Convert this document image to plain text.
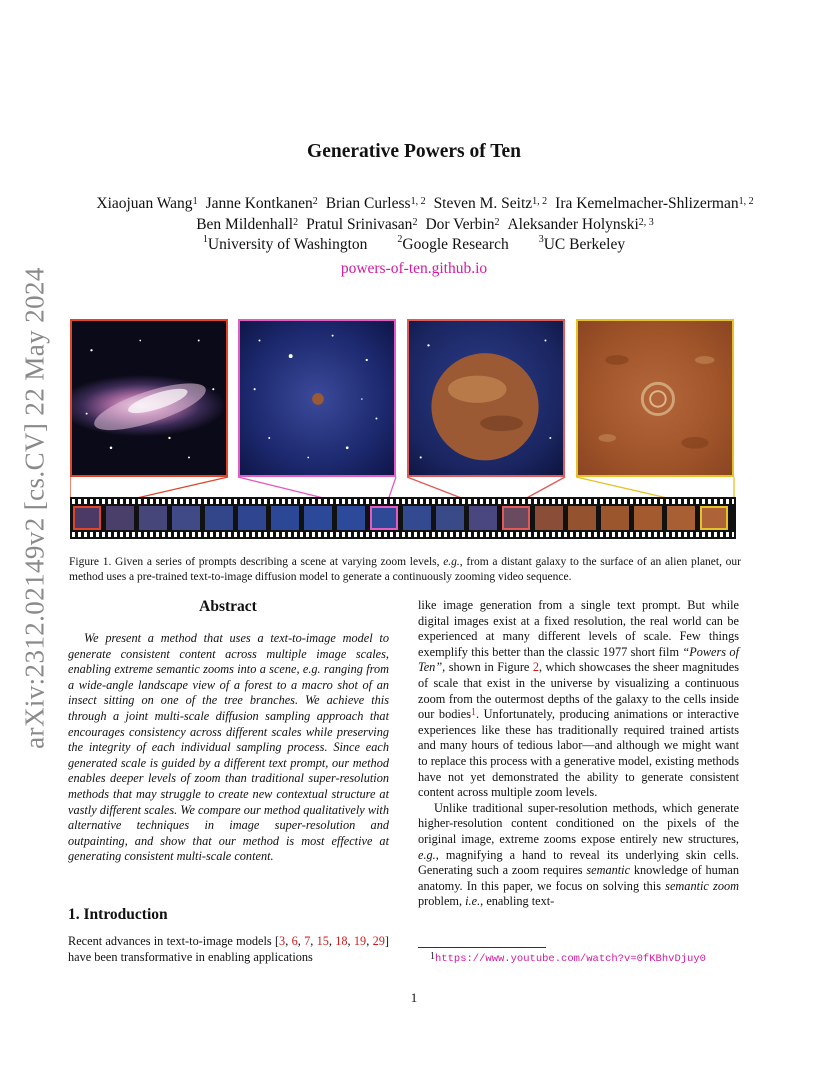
arXiv:2312.02149v2 [cs.CV] 22 May 2024
Generative Powers of Ten
Xiaojuan Wang$^1$ Janne Kontkanen$^2$ Brian Curless$^{1, 2}$ Steven M. Seitz$^{1, 2}$ Ira Kemelmacher-Shlizerman$^{1, 2}$
Ben Mildenhall$^2$ Pratul Srinivasan$^2$ Dor Verbin$^2$ Aleksander Holynski$^{2, 3}$
$^1$University of Washington	$^2$Google Research	$^3$UC Berkeley
powers-of-ten.github.io
Figure 1. Given a series of prompts describing a scene at varying zoom levels, e.g., from a distant galaxy to the surface of an alien planet, our method uses a pre-trained text-to-image diffusion model to generate a continuously zooming video sequence.
Abstract

We present a method that uses a text-to-image model to generate consistent content across multiple image scales, enabling extreme semantic zooms into a scene, e.g. ranging from a wide-angle landscape view of a forest to a macro shot of an insect sitting on one of the tree branches. We achieve this through a joint multi-scale diffusion sampling approach that encourages consistency across different scales while preserving the integrity of each individual sampling process. Since each generated scale is guided by a different text prompt, our method enables deeper levels of zoom than traditional super-resolution methods that may struggle to create new contextual structure at vastly different scales. We compare our method qualitatively with alternative techniques in image super-resolution and outpainting, and show that our method is most effective at generating consistent multi-scale content.

1. Introduction
Recent advances in text-to-image models [3, 6, 7, 15, 18, 19, 29] have been transformative in enabling applications

like image generation from a single text prompt. But while digital images exist at a fixed resolution, the real world can be experienced at many different levels of scale. Few things exemplify this better than the classic 1977 short film “Powers of Ten”, shown in Figure 2, which showcases the sheer magnitudes of scale that exist in the universe by visualizing a continuous zoom from the outermost depths of the galaxy to the cells inside our bodies$^1$. Unfortunately, producing animations or interactive experiences like these has traditionally required trained artists and many hours of tedious labor—and although we might want to replace this process with a generative model, existing methods have not yet demonstrated the ability to generate consistent content across multiple zoom levels.

Unlike traditional super-resolution methods, which generate higher-resolution content conditioned on the pixels of the original image, extreme zooms expose entirely new structures, e.g., magnifying a hand to reveal its underlying skin cells. Generating such a zoom requires semantic knowledge of human anatomy. In this paper, we focus on solving this semantic zoom problem, i.e., enabling text-

$^1$https://www.youtube.com/watch?v=0fKBhvDjuy0
1
